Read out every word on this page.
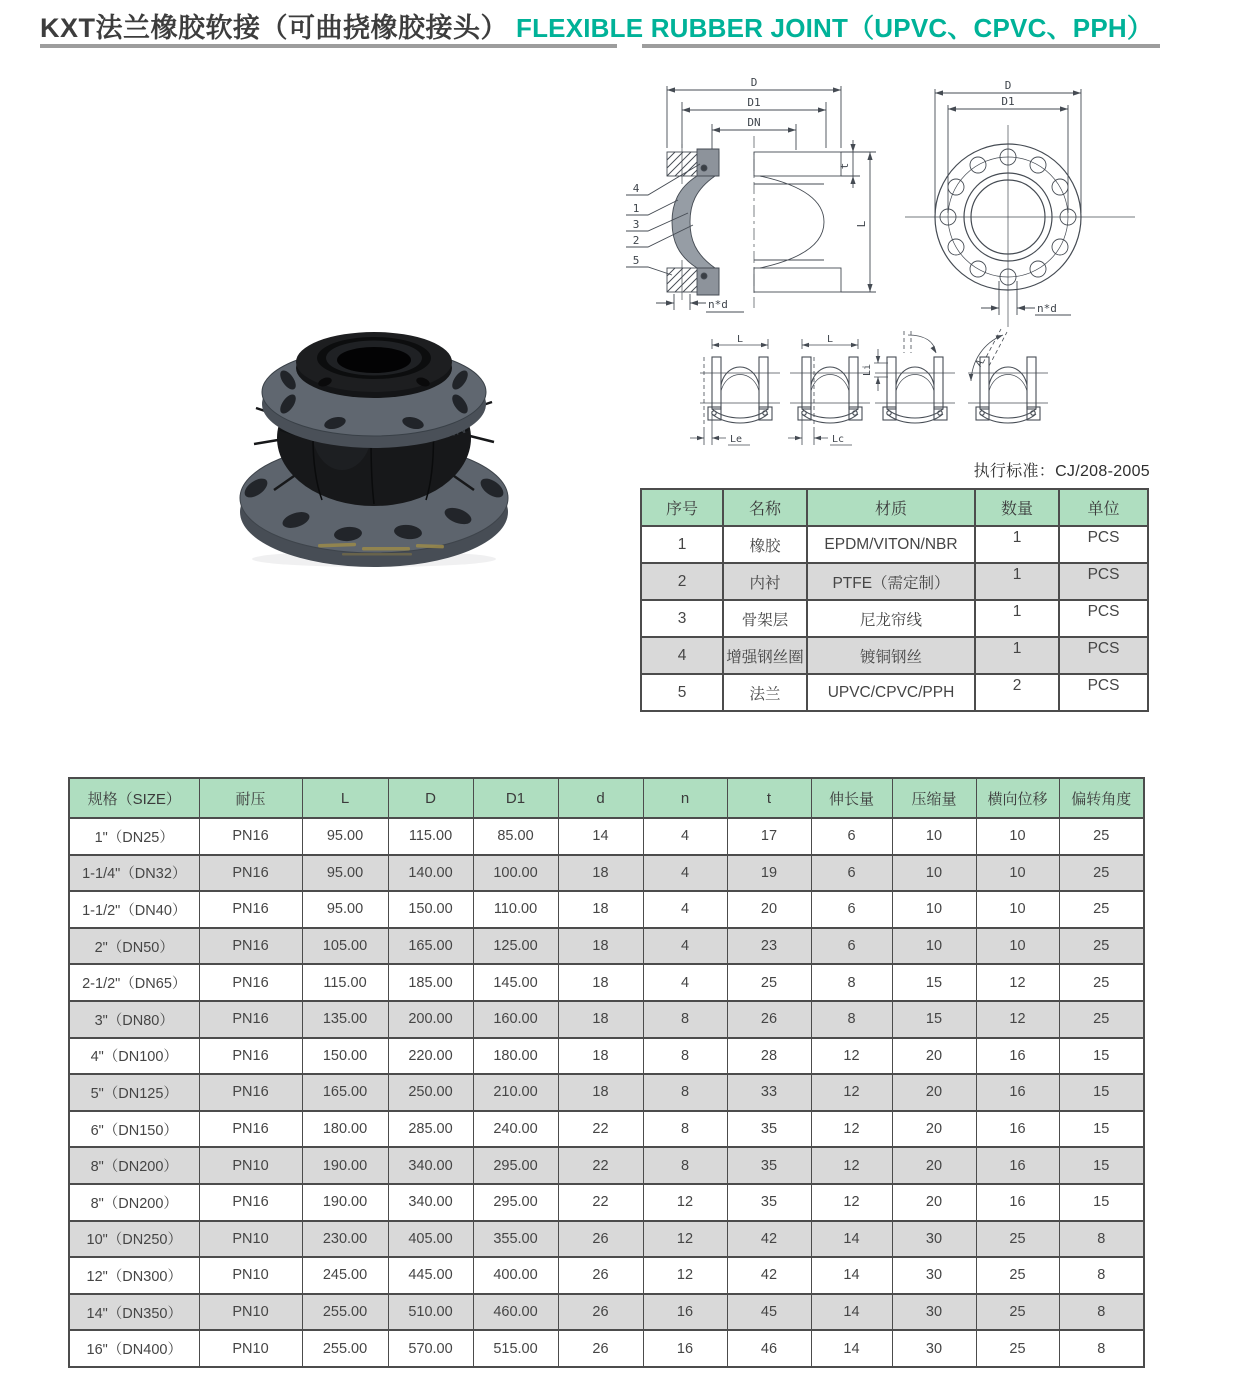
KXT法兰橡胶软接（可曲挠橡胶接头） FLEXIBLE RUBBER JOINT（UPVC、CPVC、PPH）
D
D1
DN
t
L
n*d
4
1
3
2
5
D
D1
n*d
L	L
Le	Lc
Li
A
执行标准：CJ/208-2005
序号	名称	材质	数量	单位
1	橡胶	EPDM/VITON/NBR	1	PCS
2	内衬	PTFE（需定制）	1	PCS
3	骨架层	尼龙帘线	1	PCS
4	增强钢丝圈	镀铜钢丝	1	PCS
5	法兰	UPVC/CPVC/PPH	2	PCS
规格（SIZE）	耐压	L	D	D1	d	n	t	伸长量	压缩量	横向位移	偏转角度
1"（DN25）	PN16	95.00	115.00	85.00	14	4	17	6	10	10	25
1-1/4"（DN32）	PN16	95.00	140.00	100.00	18	4	19	6	10	10	25
1-1/2"（DN40）	PN16	95.00	150.00	110.00	18	4	20	6	10	10	25
2"（DN50）	PN16	105.00	165.00	125.00	18	4	23	6	10	10	25
2-1/2"（DN65）	PN16	115.00	185.00	145.00	18	4	25	8	15	12	25
3"（DN80）	PN16	135.00	200.00	160.00	18	8	26	8	15	12	25
4"（DN100）	PN16	150.00	220.00	180.00	18	8	28	12	20	16	15
5"（DN125）	PN16	165.00	250.00	210.00	18	8	33	12	20	16	15
6"（DN150）	PN16	180.00	285.00	240.00	22	8	35	12	20	16	15
8"（DN200）	PN10	190.00	340.00	295.00	22	8	35	12	20	16	15
8"（DN200）	PN16	190.00	340.00	295.00	22	12	35	12	20	16	15
10"（DN250）	PN10	230.00	405.00	355.00	26	12	42	14	30	25	8
12"（DN300）	PN10	245.00	445.00	400.00	26	12	42	14	30	25	8
14"（DN350）	PN10	255.00	510.00	460.00	26	16	45	14	30	25	8
16"（DN400）	PN10	255.00	570.00	515.00	26	16	46	14	30	25	8
